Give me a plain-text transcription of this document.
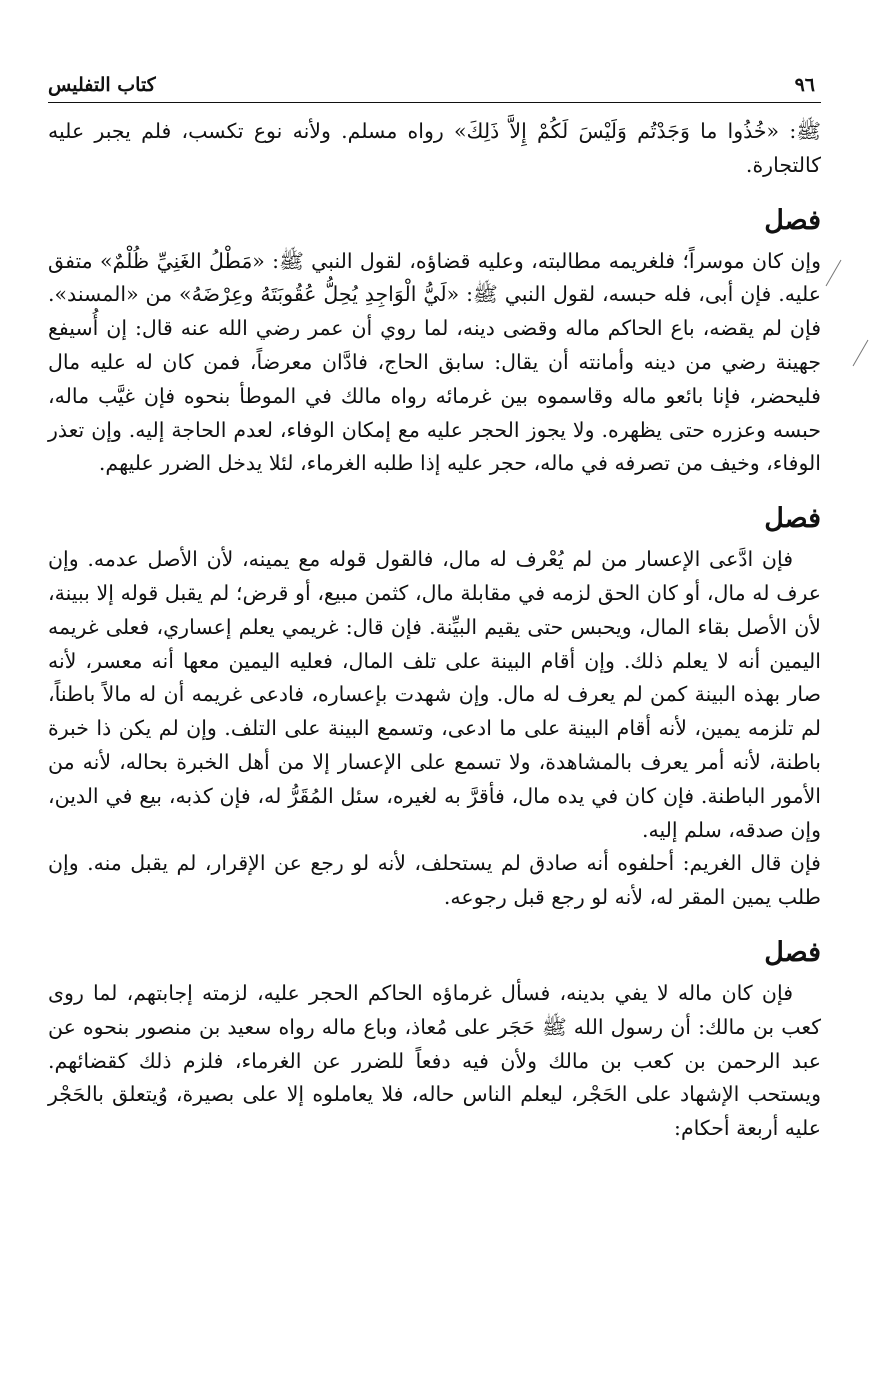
٩٦
كتاب التفليس

ﷺ: «خُذُوا ما وَجَدْتُم وَلَيْسَ لَكُمْ إِلاَّ ذَلِكَ» رواه مسلم. ولأنه نوع تكسب، فلم يجبر عليه كالتجارة.

فصل

وإن كان موسراً؛ فلغريمه مطالبته، وعليه قضاؤه، لقول النبي ﷺ: «مَطْلُ الغَنِيِّ ظُلْمٌ» متفق عليه. فإن أبى، فله حبسه، لقول النبي ﷺ: «لَيُّ الْوَاجِدِ يُحِلُّ عُقُوبَتَهُ وعِرْضَهُ» من «المسند». فإن لم يقضه، باع الحاكم ماله وقضى دينه، لما روي أن عمر رضي الله عنه قال: إن أُسيفع جهينة رضي من دينه وأمانته أن يقال: سابق الحاج، فادَّان معرضاً، فمن كان له عليه مال فليحضر، فإنا بائعو ماله وقاسموه بين غرمائه رواه مالك في الموطأ بنحوه فإن غيَّب ماله، حبسه وعزره حتى يظهره. ولا يجوز الحجر عليه مع إمكان الوفاء، لعدم الحاجة إليه. وإن تعذر الوفاء، وخيف من تصرفه في ماله، حجر عليه إذا طلبه الغرماء، لئلا يدخل الضرر عليهم.

فصل

فإن ادَّعى الإعسار من لم يُعْرف له مال، فالقول قوله مع يمينه، لأن الأصل عدمه. وإن عرف له مال، أو كان الحق لزمه في مقابلة مال، كثمن مبيع، أو قرض؛ لم يقبل قوله إلا ببينة، لأن الأصل بقاء المال، ويحبس حتى يقيم البيِّنة. فإن قال: غريمي يعلم إعساري، فعلى غريمه اليمين أنه لا يعلم ذلك. وإن أقام البينة على تلف المال، فعليه اليمين معها أنه معسر، لأنه صار بهذه البينة كمن لم يعرف له مال. وإن شهدت بإعساره، فادعى غريمه أن له مالاً باطناً، لم تلزمه يمين، لأنه أقام البينة على ما ادعى، وتسمع البينة على التلف. وإن لم يكن ذا خبرة باطنة، لأنه أمر يعرف بالمشاهدة، ولا تسمع على الإعسار إلا من أهل الخبرة بحاله، لأنه من الأمور الباطنة. فإن كان في يده مال، فأقرَّ به لغيره، سئل المُقَرُّ له، فإن كذبه، بيع في الدين، وإن صدقه، سلم إليه.

فإن قال الغريم: أحلفوه أنه صادق لم يستحلف، لأنه لو رجع عن الإقرار، لم يقبل منه. وإن طلب يمين المقر له، لأنه لو رجع قبل رجوعه.

فصل

فإن كان ماله لا يفي بدينه، فسأل غرماؤه الحاكم الحجر عليه، لزمته إجابتهم، لما روى كعب بن مالك: أن رسول الله ﷺ حَجَر على مُعاذ، وباع ماله رواه سعيد بن منصور بنحوه عن عبد الرحمن بن كعب بن مالك ولأن فيه دفعاً للضرر عن الغرماء، فلزم ذلك كقضائهم. ويستحب الإشهاد على الحَجْر، ليعلم الناس حاله، فلا يعاملوه إلا على بصيرة، وُيتعلق بالحَجْر عليه أربعة أحكام:
